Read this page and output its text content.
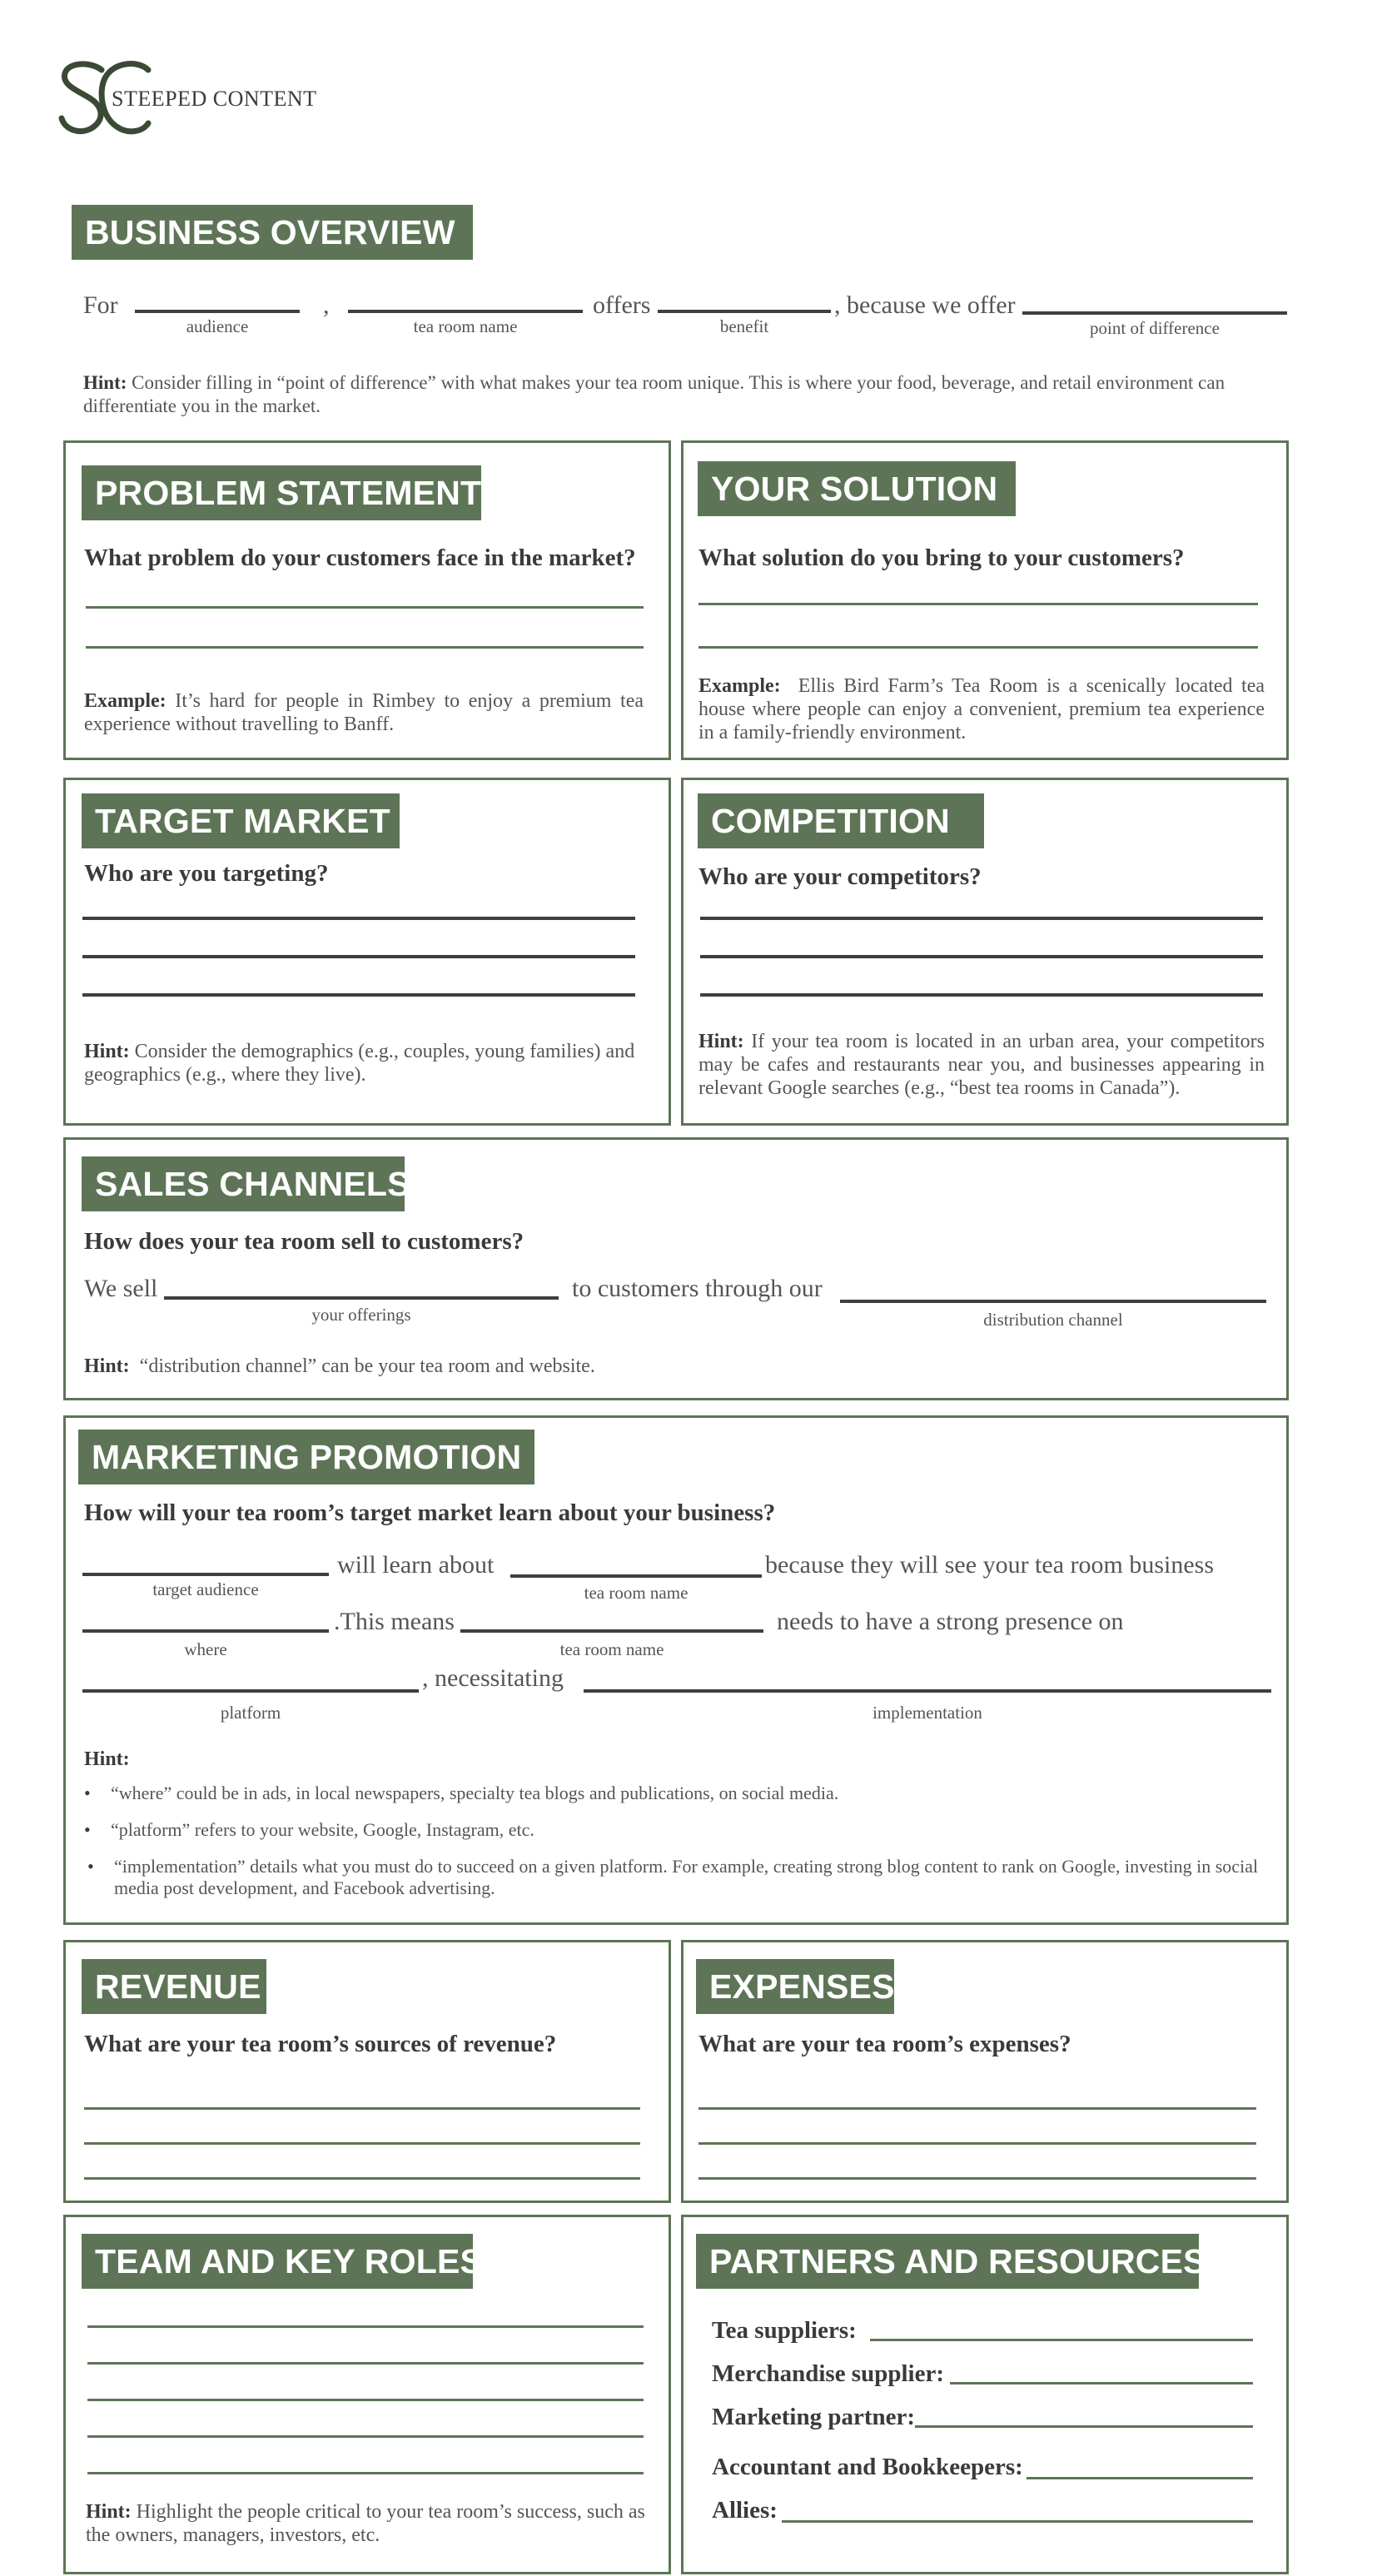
STEEPED CONTENT
BUSINESS OVERVIEW
For
audience
,
tea room name
offers
benefit
, because we offer
point of difference
Hint: Consider filling in “point of difference” with what makes your tea room unique. This is where your food, beverage, and retail environment can differentiate you in the market.
PROBLEM STATEMENT
What problem do your customers face in the market?
Example: It’s hard for people in Rimbey to enjoy a premium tea experience without travelling to Banff.
YOUR SOLUTION
What solution do you bring to your customers?
Example: Ellis Bird Farm’s Tea Room is a scenically located tea house where people can enjoy a convenient, premium tea experience in a family-friendly environment.
TARGET MARKET
Who are you targeting?
Hint: Consider the demographics (e.g., couples, young families) and geographics (e.g., where they live).
COMPETITION
Who are your competitors?
Hint: If your tea room is located in an urban area, your competitors may be cafes and restaurants near you, and businesses appearing in relevant Google searches (e.g., “best tea rooms in Canada”).
SALES CHANNELS
How does your tea room sell to customers?
We sell
your offerings
to customers through our
distribution channel
Hint: “distribution channel” can be your tea room and website.
MARKETING PROMOTION
How will your tea room’s target market learn about your business?
target audience
will learn about
tea room name
because they will see your tea room business
where
.This means
tea room name
needs to have a strong presence on
platform
, necessitating
implementation
Hint:
• “where” could be in ads, in local newspapers, specialty tea blogs and publications, on social media.
• “platform” refers to your website, Google, Instagram, etc.
• “implementation” details what you must do to succeed on a given platform. For example, creating strong blog content to rank on Google, investing in social media post development, and Facebook advertising.
REVENUE
What are your tea room’s sources of revenue?
EXPENSES
What are your tea room’s expenses?
TEAM AND KEY ROLES
Hint: Highlight the people critical to your tea room’s success, such as the owners, managers, investors, etc.
PARTNERS AND RESOURCES
Tea suppliers:
Merchandise supplier:
Marketing partner:
Accountant and Bookkeepers:
Allies:
